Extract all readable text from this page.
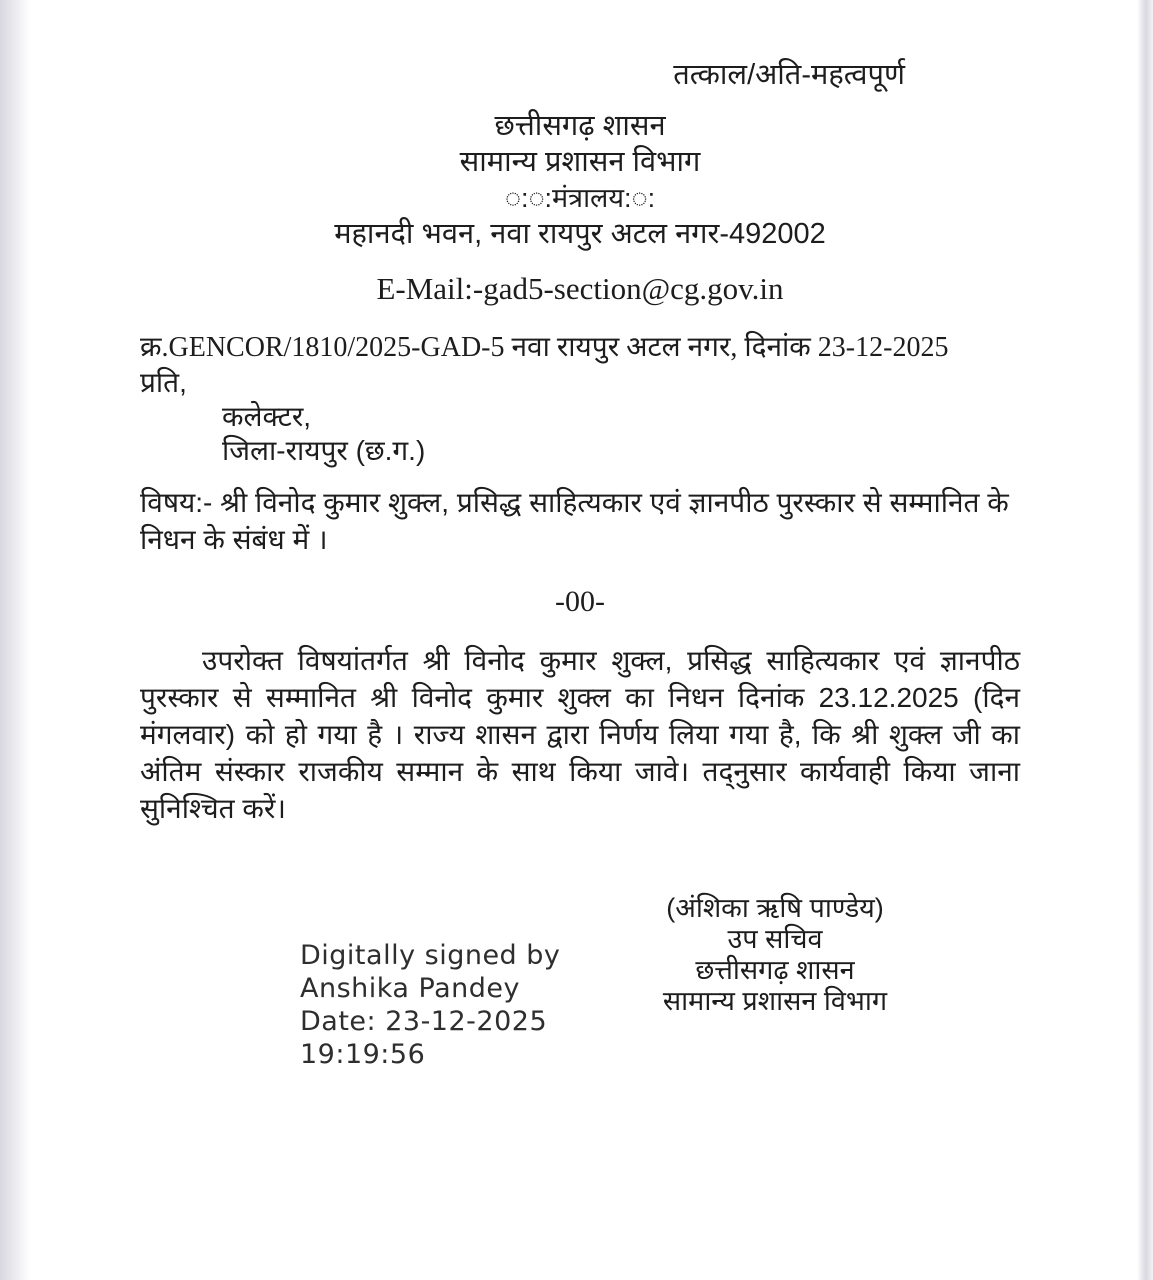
तत्काल/अति-महत्वपूर्ण

छत्तीसगढ़ शासन

सामान्य प्रशासन विभाग

◌:◌:मंत्रालय:◌:

महानदी भवन, नवा रायपुर अटल नगर-492002

E-Mail:-gad5-section@cg.gov.in

क्र.GENCOR/1810/2025-GAD-5 नवा रायपुर अटल नगर, दिनांक 23-12-2025

प्रति,

कलेक्टर,

जिला-रायपुर (छ.ग.)

विषय:- श्री विनोद कुमार शुक्ल, प्रसिद्ध साहित्यकार एवं ज्ञानपीठ पुरस्कार से सम्मानित के निधन के संबंध में ।

-00-

उपरोक्त विषयांतर्गत श्री विनोद कुमार शुक्ल, प्रसिद्ध साहित्यकार एवं ज्ञानपीठ पुरस्कार से सम्मानित श्री विनोद कुमार शुक्ल का निधन दिनांक 23.12.2025 (दिन मंगलवार) को हो गया है । राज्य शासन द्वारा निर्णय लिया गया है, कि श्री शुक्ल जी का अंतिम संस्कार राजकीय सम्मान के साथ किया जावे। तद्नुसार कार्यवाही किया जाना सुनिश्चित करें।

Digitally signed by

Anshika Pandey

Date: 23-12-2025

19:19:56

(अंशिका ऋषि पाण्डेय)

उप सचिव

छत्तीसगढ़ शासन

सामान्य प्रशासन विभाग
